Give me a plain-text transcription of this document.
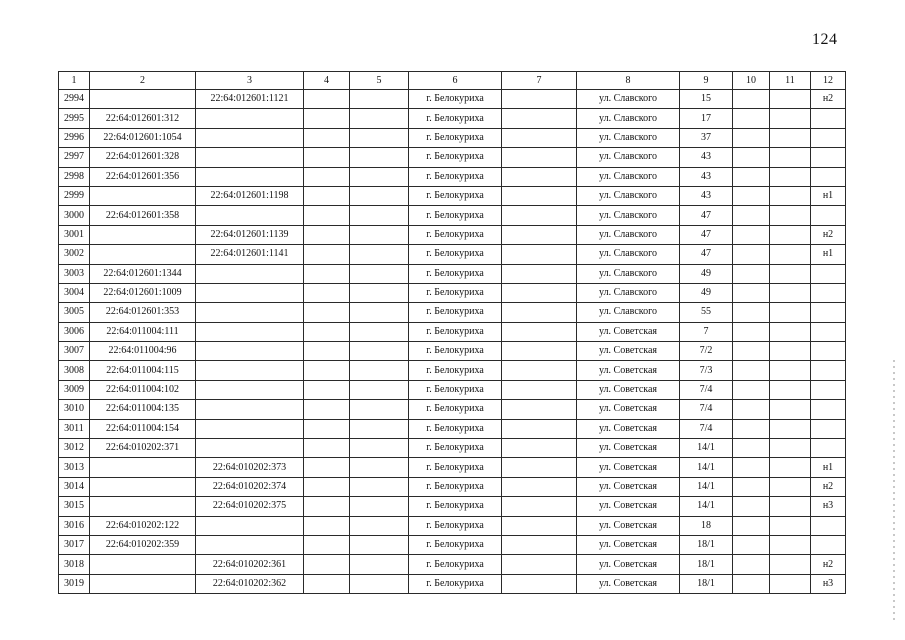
124
1	2	3	4	5	6	7	8	9	10	11	12
2994		22:64:012601:1121			г. Белокуриха		ул. Славского	15			н2
2995	22:64:012601:312				г. Белокуриха		ул. Славского	17			
2996	22:64:012601:1054				г. Белокуриха		ул. Славского	37			
2997	22:64:012601:328				г. Белокуриха		ул. Славского	43			
2998	22:64:012601:356				г. Белокуриха		ул. Славского	43			
2999		22:64:012601:1198			г. Белокуриха		ул. Славского	43			н1
3000	22:64:012601:358				г. Белокуриха		ул. Славского	47			
3001		22:64:012601:1139			г. Белокуриха		ул. Славского	47			н2
3002		22:64:012601:1141			г. Белокуриха		ул. Славского	47			н1
3003	22:64:012601:1344				г. Белокуриха		ул. Славского	49			
3004	22:64:012601:1009				г. Белокуриха		ул. Славского	49			
3005	22:64:012601:353				г. Белокуриха		ул. Славского	55			
3006	22:64:011004:111				г. Белокуриха		ул. Советская	7			
3007	22:64:011004:96				г. Белокуриха		ул. Советская	7/2			
3008	22:64:011004:115				г. Белокуриха		ул. Советская	7/3			
3009	22:64:011004:102				г. Белокуриха		ул. Советская	7/4			
3010	22:64:011004:135				г. Белокуриха		ул. Советская	7/4			
3011	22:64:011004:154				г. Белокуриха		ул. Советская	7/4			
3012	22:64:010202:371				г. Белокуриха		ул. Советская	14/1			
3013		22:64:010202:373			г. Белокуриха		ул. Советская	14/1			н1
3014		22:64:010202:374			г. Белокуриха		ул. Советская	14/1			н2
3015		22:64:010202:375			г. Белокуриха		ул. Советская	14/1			н3
3016	22:64:010202:122				г. Белокуриха		ул. Советская	18			
3017	22:64:010202:359				г. Белокуриха		ул. Советская	18/1			
3018		22:64:010202:361			г. Белокуриха		ул. Советская	18/1			н2
3019		22:64:010202:362			г. Белокуриха		ул. Советская	18/1			н3
